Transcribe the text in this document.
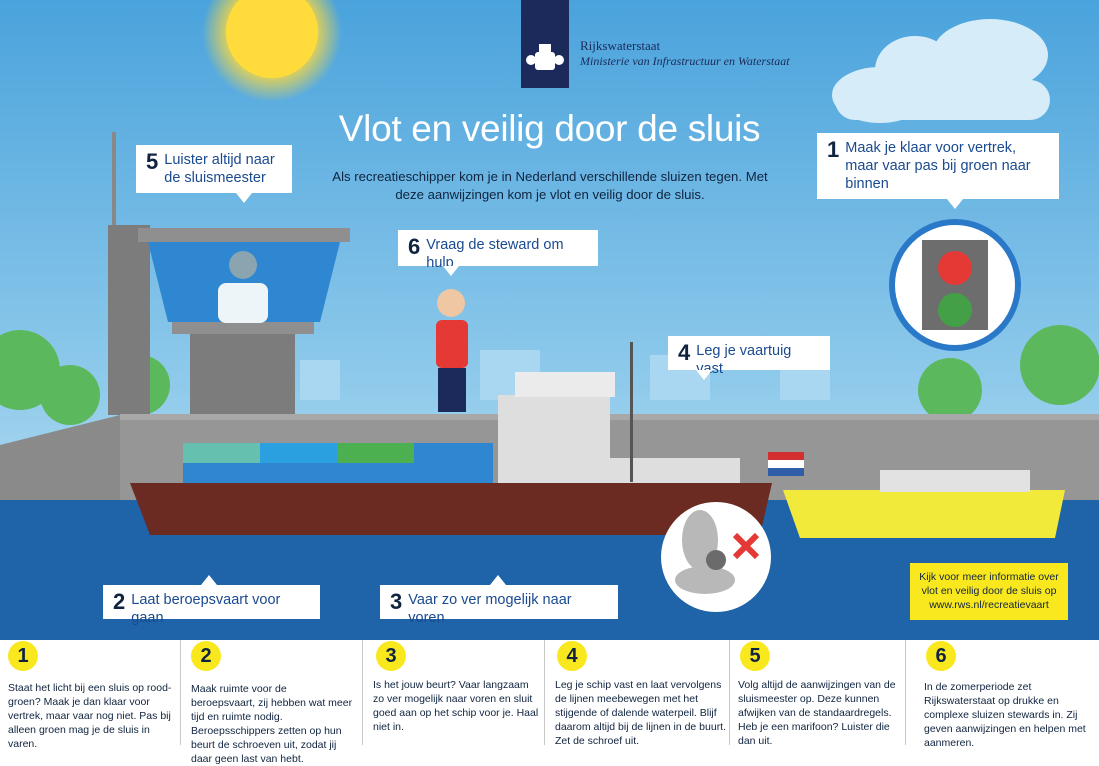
Rijkswaterstaat
Ministerie van Infrastructuur en Waterstaat
Vlot en veilig door de sluis
Als recreatieschipper kom je in Nederland verschillende sluizen tegen. Met deze aanwijzingen kom je vlot en veilig door de sluis.
1 Maak je klaar voor vertrek, maar vaar pas bij groen naar binnen
2 Laat beroepsvaart voor gaan
3 Vaar zo ver mogelijk naar voren
4 Leg je vaartuig vast
5 Luister altijd naar de sluismeester
6 Vraag de steward om hulp
Kijk voor meer informatie over vlot en veilig door de sluis op www.rws.nl/recreatievaart
1
Staat het licht bij een sluis op rood-groen? Maak je dan klaar voor vertrek, maar vaar nog niet. Pas bij alleen groen mag je de sluis in varen.
2
Maak ruimte voor de beroepsvaart, zij hebben wat meer tijd en ruimte nodig. Beroepsschippers zetten op hun beurt de schroeven uit, zodat jij daar geen last van hebt.
3
Is het jouw beurt? Vaar langzaam zo ver mogelijk naar voren en sluit goed aan op het schip voor je. Haal niet in.
4
Leg je schip vast en laat vervolgens de lijnen meebewegen met het stijgende of dalende waterpeil. Blijf daarom altijd bij de lijnen in de buurt. Zet de schroef uit.
5
Volg altijd de aanwijzingen van de sluismeester op. Deze kunnen afwijken van de standaardregels. Heb je een marifoon? Luister die dan uit.
6
In de zomerperiode zet Rijkswaterstaat op drukke en complexe sluizen stewards in. Zij geven aanwijzingen en helpen met aanmeren.
